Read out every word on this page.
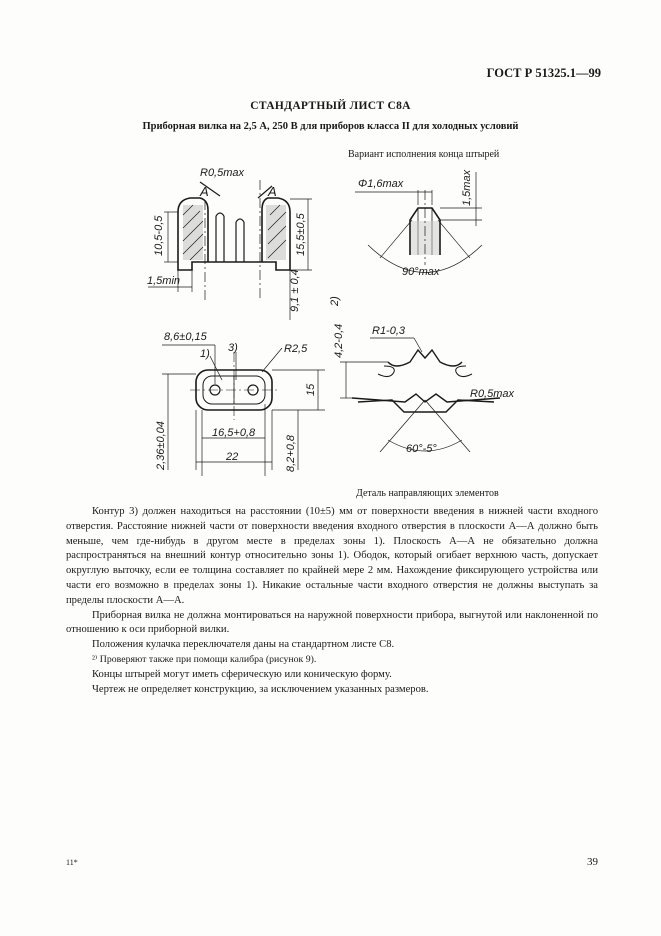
ГОСТ Р 51325.1—99
СТАНДАРТНЫЙ ЛИСТ C8A
Приборная вилка на 2,5 А, 250 В для приборов класса II для холодных условий
Вариант исполнения конца штырей
R0,5max
A	A
10,5-0,5	15,5±0,5
1,5min	9,1 ± 0,4
Φ1,6max	1,5max
90°max
2)
8,6±0,15
1) 3)	R2,5
15
16,5+0,8
22
2,36±0,04	8,2+0,8
4,2-0,4 R1-0,3
R0,5max
60°-5°
Деталь направляющих элементов

Контур 3) должен находиться на расстоянии (10±5) мм от поверхности введения в нижней части входного отверстия. Расстояние нижней части от поверхности введения входного отверстия в плоскости А—А должно быть меньше, чем где-нибудь в другом месте в пределах зоны 1). Плоскость А—А не обязательно должна распространяться на внешний контур относительно зоны 1). Ободок, который огибает верхнюю часть, допускает округлую выточку, если ее толщина составляет по крайней мере 2 мм. Нахождение фиксирующего устройства или части его возможно в пределах зоны 1). Никакие остальные части входного отверстия не должны выступать за пределы плоскости А—А.

Приборная вилка не должна монтироваться на наружной поверхности прибора, выгнутой или наклоненной по отношению к оси приборной вилки.

Положения кулачка переключателя даны на стандартном листе C8.

²⁾ Проверяют также при помощи калибра (рисунок 9).

Концы штырей могут иметь сферическую или коническую форму.

Чертеж не определяет конструкцию, за исключением указанных размеров.

11*	39
